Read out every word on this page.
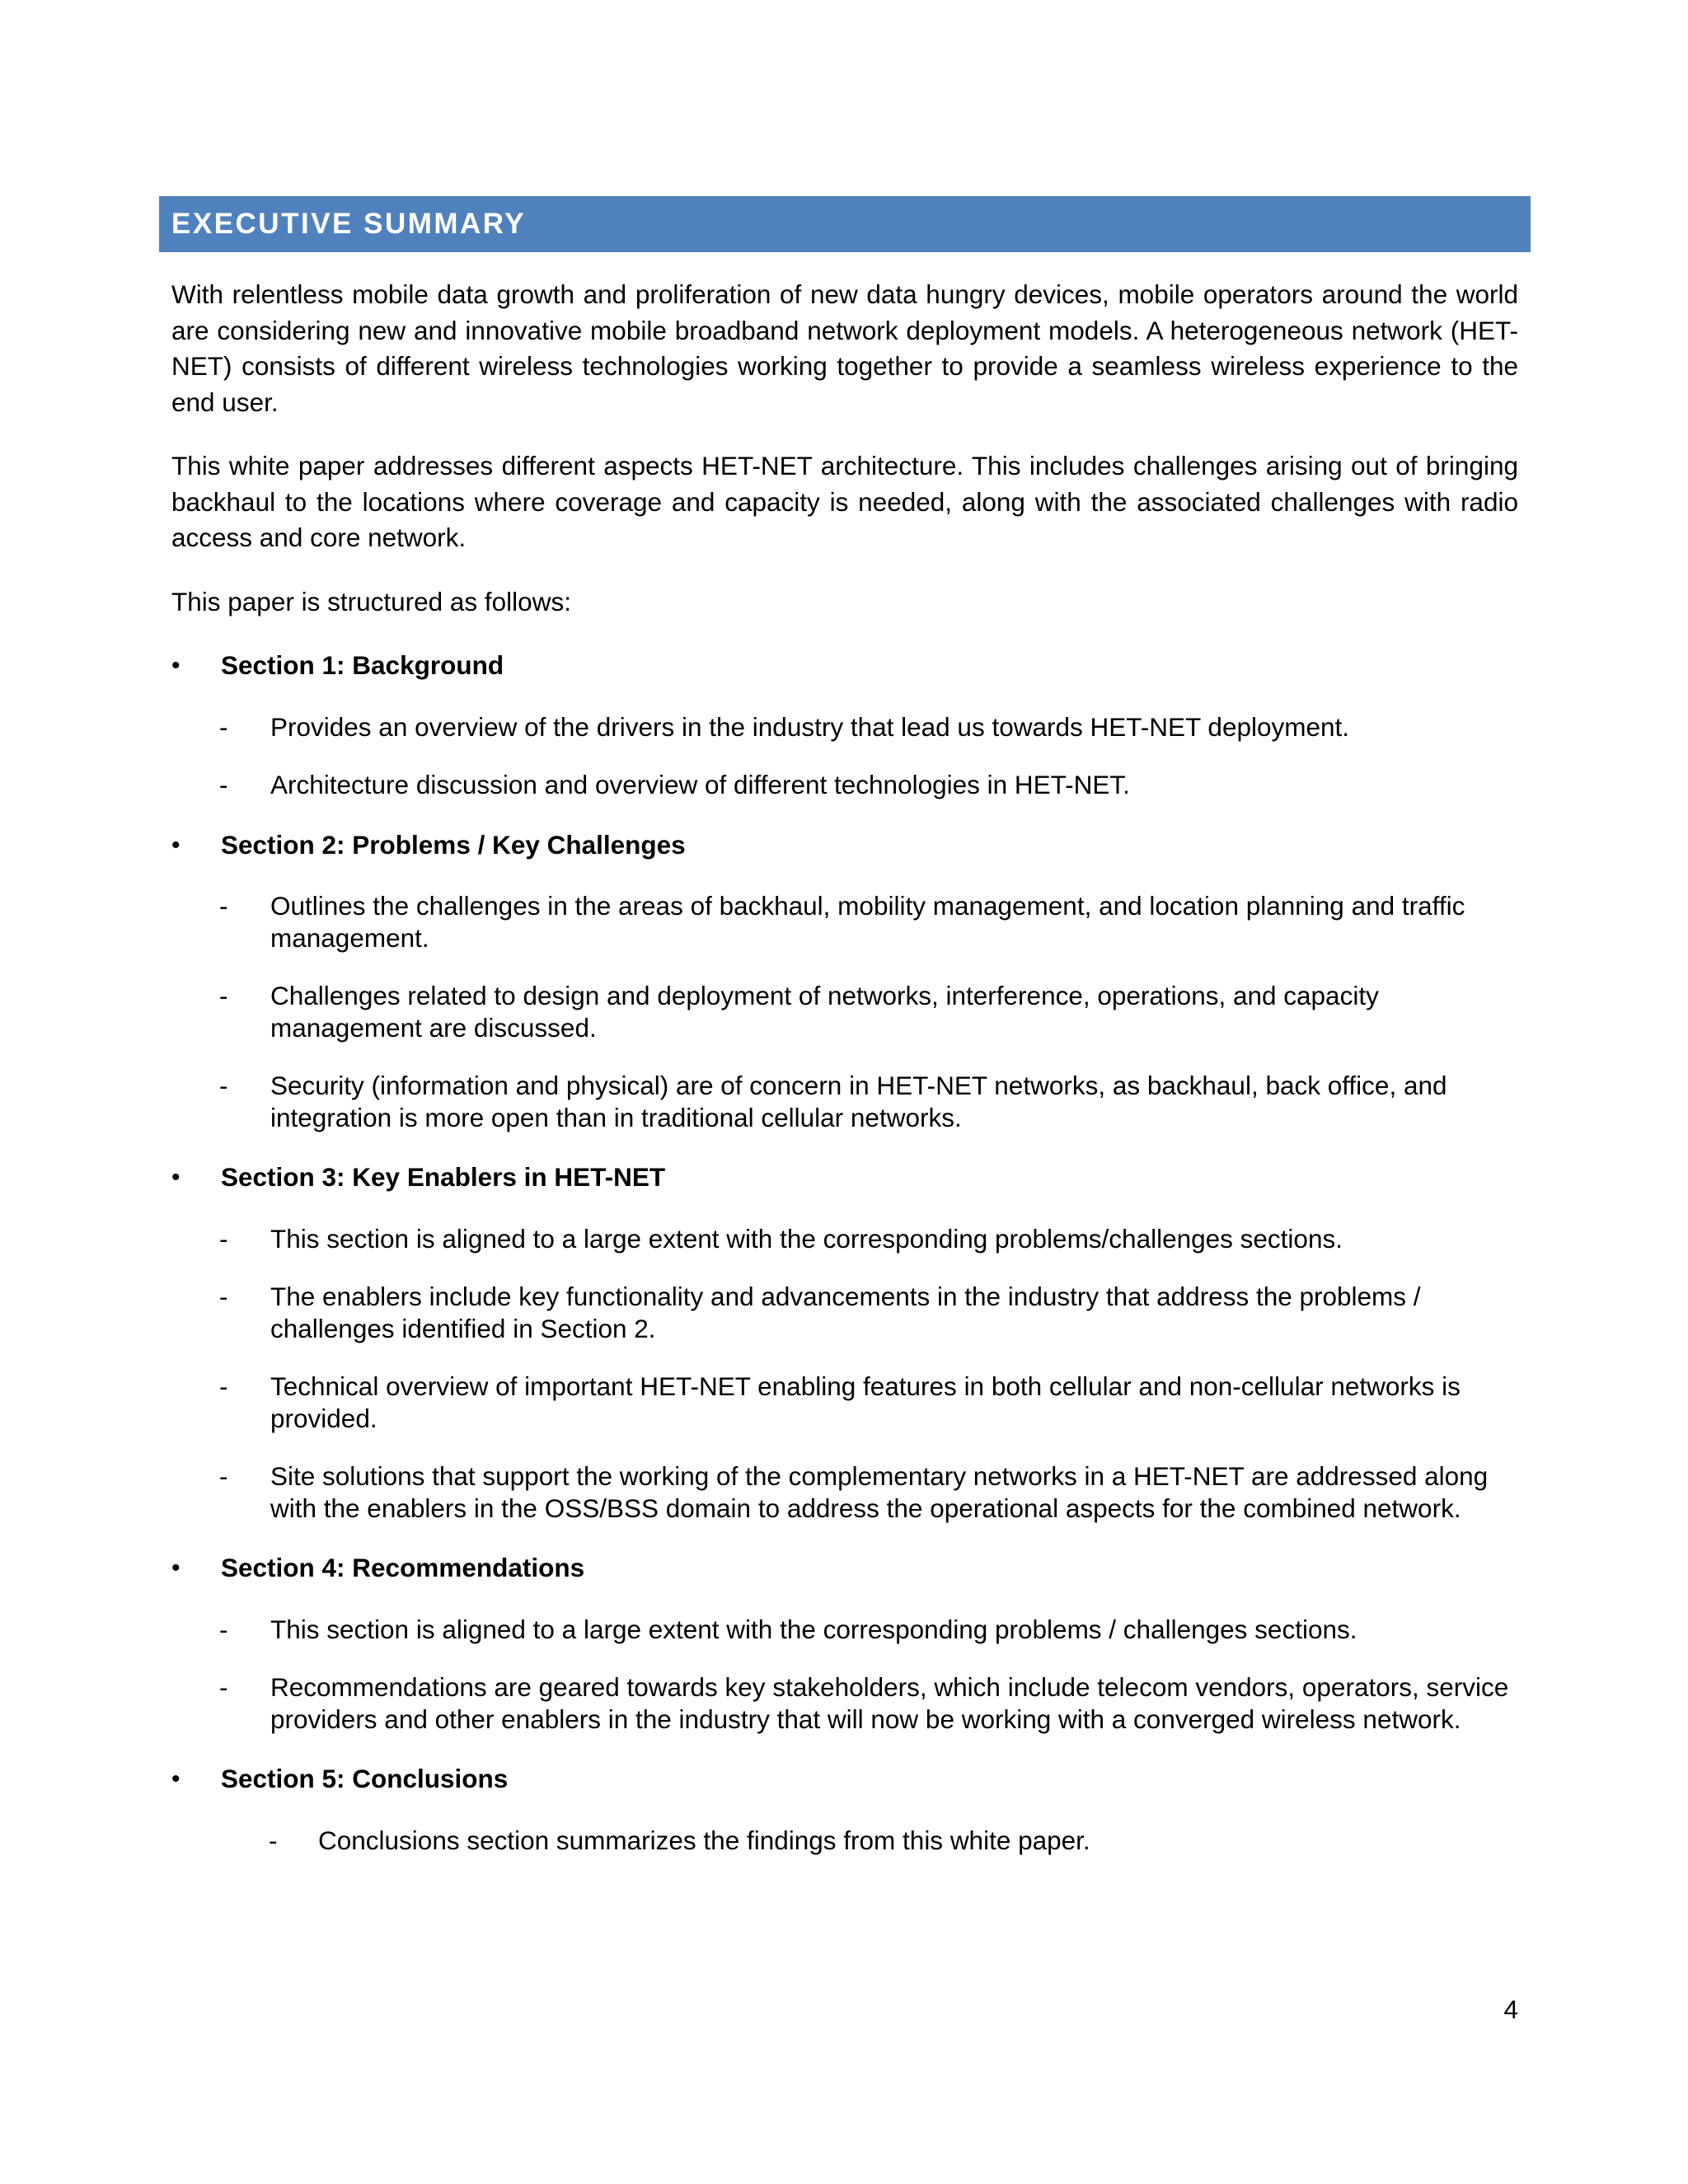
EXECUTIVE SUMMARY

With relentless mobile data growth and proliferation of new data hungry devices, mobile operators around the world are considering new and innovative mobile broadband network deployment models. A heterogeneous network (HET-NET) consists of different wireless technologies working together to provide a seamless wireless experience to the end user.

This white paper addresses different aspects HET-NET architecture. This includes challenges arising out of bringing backhaul to the locations where coverage and capacity is needed, along with the associated challenges with radio access and core network.

This paper is structured as follows:

•	Section 1: Background
- Provides an overview of the drivers in the industry that lead us towards HET-NET deployment.
- Architecture discussion and overview of different technologies in HET-NET.
•	Section 2: Problems / Key Challenges
- Outlines the challenges in the areas of backhaul, mobility management, and location planning and traffic management.
- Challenges related to design and deployment of networks, interference, operations, and capacity management are discussed.
- Security (information and physical) are of concern in HET-NET networks, as backhaul, back office, and integration is more open than in traditional cellular networks.
•	Section 3: Key Enablers in HET-NET
- This section is aligned to a large extent with the corresponding problems/challenges sections.
- The enablers include key functionality and advancements in the industry that address the problems / challenges identified in Section 2.
- Technical overview of important HET-NET enabling features in both cellular and non-cellular networks is provided.
- Site solutions that support the working of the complementary networks in a HET-NET are addressed along with the enablers in the OSS/BSS domain to address the operational aspects for the combined network.
•	Section 4: Recommendations
- This section is aligned to a large extent with the corresponding problems / challenges sections.
- Recommendations are geared towards key stakeholders, which include telecom vendors, operators, service providers and other enablers in the industry that will now be working with a converged wireless network.
•	Section 5: Conclusions
- Conclusions section summarizes the findings from this white paper.
4
